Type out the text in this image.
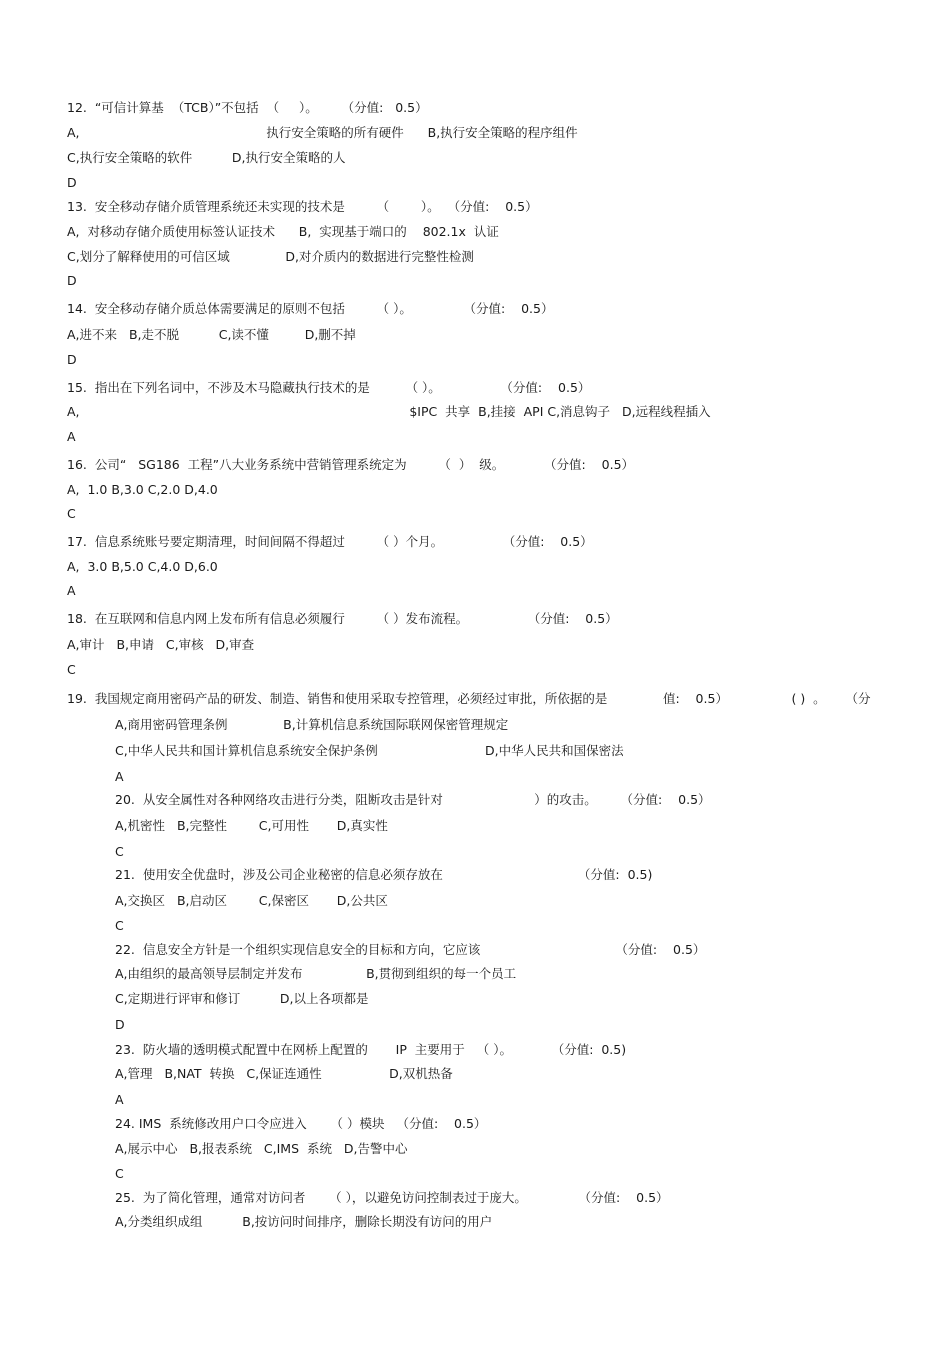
12.  “可信计算基  （TCB）”不包括  （     ）。      （分值:   0.5）
A,                                               执行安全策略的所有硬件      B,执行安全策略的程序组件
C,执行安全策略的软件          D,执行安全策略的人
D
13.  安全移动存储介质管理系统还未实现的技术是        （        ）。  （分值:    0.5）
A,  对移动存储介质使用标签认证技术      B,  实现基于端口的    802.1x  认证
C,划分了解释使用的可信区域              D,对介质内的数据进行完整性检测
D
14.  安全移动存储介质总体需要满足的原则不包括        （ ）。             （分值:    0.5）
A,进不来   B,走不脱          C,读不懂         D,删不掉
D
15.  指出在下列名词中，不涉及木马隐藏执行技术的是         （ ）。               （分值:    0.5）
A,                                                                                   $IPC  共享  B,挂接  API C,消息钩子   D,远程线程插入
A
16.  公司“   SG186  工程”八大业务系统中营销管理系统定为        （  ）  级。          （分值:    0.5）
A,  1.0 B,3.0 C,2.0 D,4.0
C
17.  信息系统账号要定期清理，时间间隔不得超过        （ ）个月。               （分值:    0.5）
A,  3.0 B,5.0 C,4.0 D,6.0
A
18.  在互联网和信息内网上发布所有信息必须履行        （ ）发布流程。               （分值:    0.5）
A,审计   B,申请   C,审核   D,审查
C
19.  我国规定商用密码产品的研发、制造、销售和使用采取专控管理，必须经过审批，所依据的是              值:    0.5）                ( )  。     （分
A,商用密码管理条例              B,计算机信息系统国际联网保密管理规定
C,中华人民共和国计算机信息系统安全保护条例                           D,中华人民共和国保密法
A
20.  从安全属性对各种网络攻击进行分类，阻断攻击是针对                       ）的攻击。      （分值:    0.5）
A,机密性   B,完整性        C,可用性       D,真实性
C
21.  使用安全优盘时，涉及公司企业秘密的信息必须存放在                                  （分值:  0.5)
A,交换区   B,启动区        C,保密区       D,公共区
C
22.  信息安全方针是一个组织实现信息安全的目标和方向，它应该                                  （分值:    0.5）
A,由组织的最高领导层制定并发布                B,贯彻到组织的每一个员工
C,定期进行评审和修订          D,以上各项都是
D
23.  防火墙的透明模式配置中在网桥上配置的       IP  主要用于   （ ）。          （分值:  0.5)
A,管理   B,NAT  转换   C,保证连通性                 D,双机热备
A
24. IMS  系统修改用户口令应进入      （ ）模块   （分值:    0.5）
A,展示中心   B,报表系统   C,IMS  系统   D,告警中心
C
25.  为了简化管理，通常对访问者      （ ），以避免访问控制表过于庞大。             （分值:    0.5）
A,分类组织成组          B,按访问时间排序，删除长期没有访问的用户
